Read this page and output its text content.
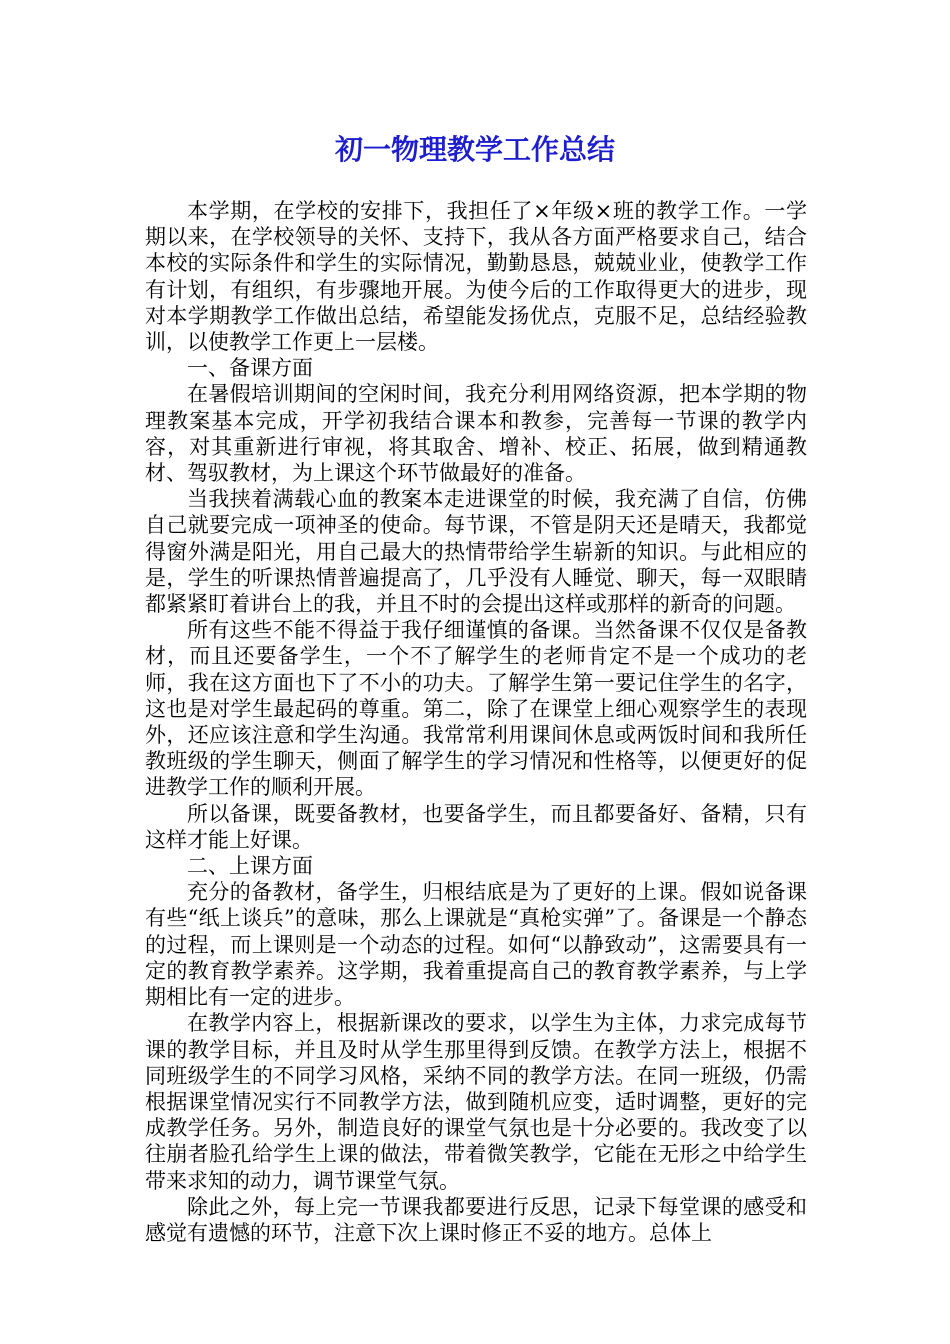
初一物理教学工作总结

本学期，在学校的安排下，我担任了×年级×班的教学工作。一学期以来，在学校领导的关怀、支持下，我从各方面严格要求自己，结合本校的实际条件和学生的实际情况，勤勤恳恳，兢兢业业，使教学工作有计划，有组织，有步骤地开展。为使今后的工作取得更大的进步，现对本学期教学工作做出总结，希望能发扬优点，克服不足，总结经验教训，以使教学工作更上一层楼。

一、备课方面

在暑假培训期间的空闲时间，我充分利用网络资源，把本学期的物理教案基本完成，开学初我结合课本和教参，完善每一节课的教学内容，对其重新进行审视，将其取舍、增补、校正、拓展，做到精通教材、驾驭教材，为上课这个环节做最好的准备。

当我挟着满载心血的教案本走进课堂的时候，我充满了自信，仿佛自己就要完成一项神圣的使命。每节课，不管是阴天还是晴天，我都觉得窗外满是阳光，用自己最大的热情带给学生崭新的知识。与此相应的是，学生的听课热情普遍提高了，几乎没有人睡觉、聊天，每一双眼睛都紧紧盯着讲台上的我，并且不时的会提出这样或那样的新奇的问题。

所有这些不能不得益于我仔细谨慎的备课。当然备课不仅仅是备教材，而且还要备学生，一个不了解学生的老师肯定不是一个成功的老师，我在这方面也下了不小的功夫。了解学生第一要记住学生的名字，这也是对学生最起码的尊重。第二，除了在课堂上细心观察学生的表现外，还应该注意和学生沟通。我常常利用课间休息或两饭时间和我所任教班级的学生聊天，侧面了解学生的学习情况和性格等，以便更好的促进教学工作的顺利开展。

所以备课，既要备教材，也要备学生，而且都要备好、备精，只有这样才能上好课。

二、上课方面

充分的备教材，备学生，归根结底是为了更好的上课。假如说备课有些“纸上谈兵”的意味，那么上课就是“真枪实弹”了。备课是一个静态的过程，而上课则是一个动态的过程。如何“以静致动”，这需要具有一定的教育教学素养。这学期，我着重提高自己的教育教学素养，与上学期相比有一定的进步。

在教学内容上，根据新课改的要求，以学生为主体，力求完成每节课的教学目标，并且及时从学生那里得到反馈。在教学方法上，根据不同班级学生的不同学习风格，采纳不同的教学方法。在同一班级，仍需根据课堂情况实行不同教学方法，做到随机应变，适时调整，更好的完成教学任务。另外，制造良好的课堂气氛也是十分必要的。我改变了以往崩者脸孔给学生上课的做法，带着微笑教学，它能在无形之中给学生带来求知的动力，调节课堂气氛。

除此之外，每上完一节课我都要进行反思，记录下每堂课的感受和感觉有遗憾的环节，注意下次上课时修正不妥的地方。总体上
